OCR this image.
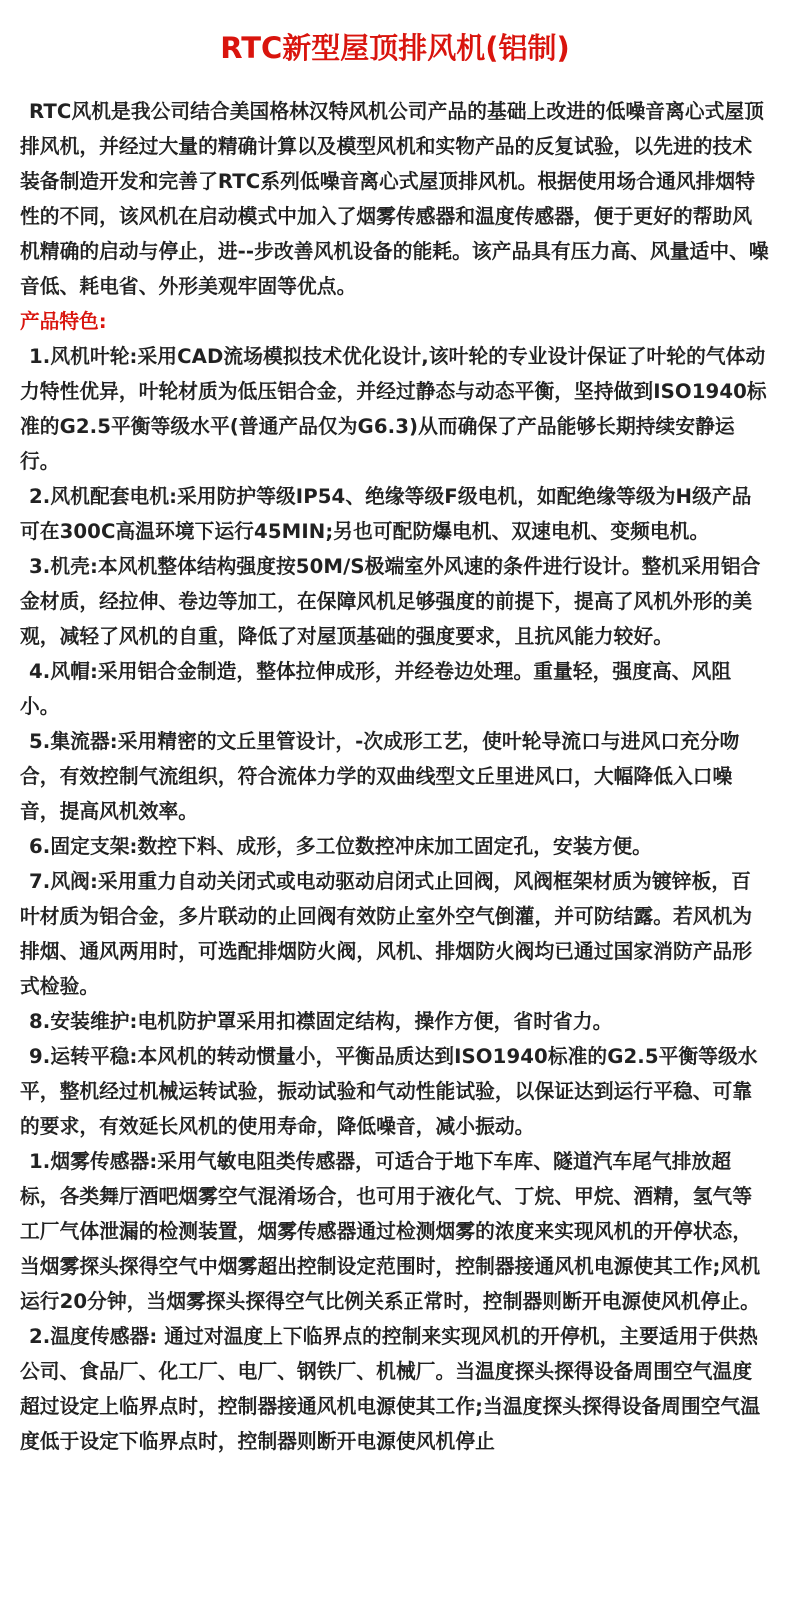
RTC新型屋顶排风机(铝制)

RTC风机是我公司结合美国格林汉特风机公司产品的基础上改进的低噪音离心式屋顶排风机，并经过大量的精确计算以及模型风机和实物产品的反复试验，以先进的技术装备制造开发和完善了RTC系列低噪音离心式屋顶排风机。根据使用场合通风排烟特性的不同，该风机在启动模式中加入了烟雾传感器和温度传感器，便于更好的帮助风机精确的启动与停止，进--步改善风机设备的能耗。该产品具有压力高、风量适中、噪音低、耗电省、外形美观牢固等优点。

产品特色:

1.风机叶轮:采用CAD流场模拟技术优化设计,该叶轮的专业设计保证了叶轮的气体动力特性优异，叶轮材质为低压铝合金，并经过静态与动态平衡，坚持做到ISO1940标准的G2.5平衡等级水平(普通产品仅为G6.3)从而确保了产品能够长期持续安静运行。

2.风机配套电机:采用防护等级IP54、绝缘等级F级电机，如配绝缘等级为H级产品可在300C高温环境下运行45MIN;另也可配防爆电机、双速电机、变频电机。

3.机壳:本风机整体结构强度按50M/S极端室外风速的条件进行设计。整机采用铝合金材质，经拉伸、卷边等加工，在保障风机足够强度的前提下，提高了风机外形的美观，减轻了风机的自重，降低了对屋顶基础的强度要求，且抗风能力较好。

4.风帽:采用铝合金制造，整体拉伸成形，并经卷边处理。重量轻，强度高、风阻小。

5.集流器:采用精密的文丘里管设计，-次成形工艺，使叶轮导流口与进风口充分吻合，有效控制气流组织，符合流体力学的双曲线型文丘里进风口，大幅降低入口噪音，提高风机效率。

6.固定支架:数控下料、成形，多工位数控冲床加工固定孔，安装方便。

7.风阀:采用重力自动关闭式或电动驱动启闭式止回阀，风阀框架材质为镀锌板，百叶材质为铝合金，多片联动的止回阀有效防止室外空气倒灌，并可防结露。若风机为排烟、通风两用时，可选配排烟防火阀，风机、排烟防火阀均已通过国家消防产品形式检验。

8.安装维护:电机防护罩采用扣襟固定结构，操作方便，省时省力。

9.运转平稳:本风机的转动惯量小，平衡品质达到ISO1940标准的G2.5平衡等级水平，整机经过机械运转试验，振动试验和气动性能试验，以保证达到运行平稳、可靠的要求，有效延长风机的使用寿命，降低噪音，减小振动。

1.烟雾传感器:采用气敏电阻类传感器，可适合于地下车库、隧道汽车尾气排放超标，各类舞厅酒吧烟雾空气混淆场合，也可用于液化气、丁烷、甲烷、酒精，氢气等工厂气体泄漏的检测装置，烟雾传感器通过检测烟雾的浓度来实现风机的开停状态，当烟雾探头探得空气中烟雾超出控制设定范围时，控制器接通风机电源使其工作;风机运行20分钟，当烟雾探头探得空气比例关系正常时，控制器则断开电源使风机停止。

2.温度传感器: 通过对温度上下临界点的控制来实现风机的开停机，主要适用于供热公司、食品厂、化工厂、电厂、钢铁厂、机械厂。当温度探头探得设备周围空气温度超过设定上临界点时，控制器接通风机电源使其工作;当温度探头探得设备周围空气温度低于设定下临界点时，控制器则断开电源使风机停止
